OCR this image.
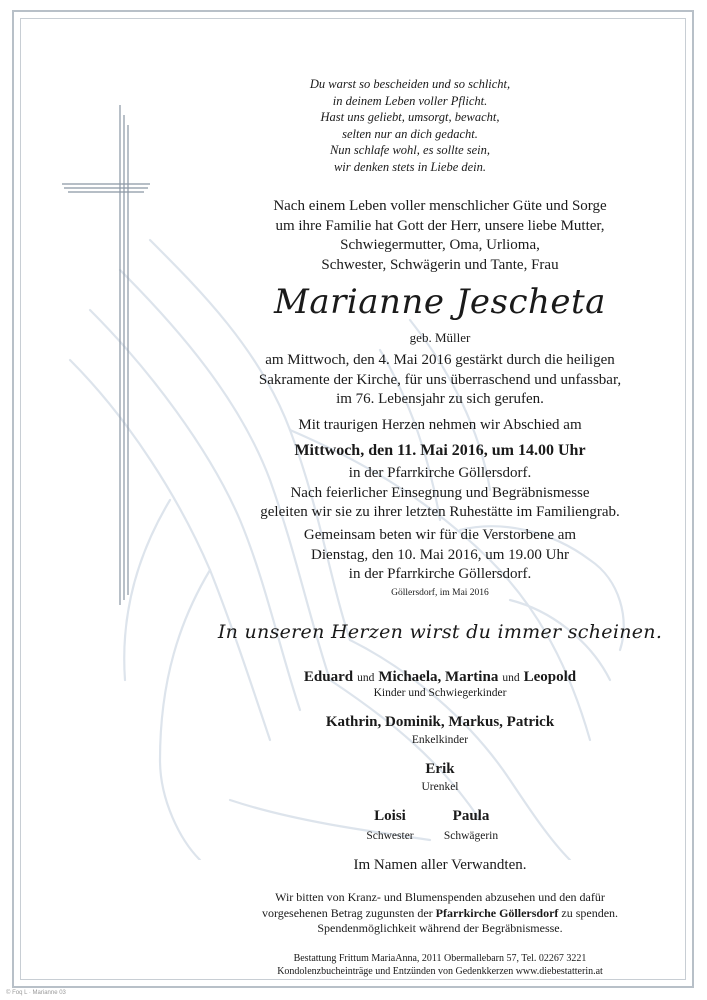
Du warst so bescheiden und so schlicht,
in deinem Leben voller Pflicht.
Hast uns geliebt, umsorgt, bewacht,
selten nur an dich gedacht.
Nun schlafe wohl, es sollte sein,
wir denken stets in Liebe dein.
Nach einem Leben voller menschlicher Güte und Sorge
um ihre Familie hat Gott der Herr, unsere liebe Mutter,
Schwiegermutter, Oma, Urlioma,
Schwester, Schwägerin und Tante, Frau
Marianne Jescheta
geb. Müller
am Mittwoch, den 4. Mai 2016 gestärkt durch die heiligen
Sakramente der Kirche, für uns überraschend und unfassbar,
im 76. Lebensjahr zu sich gerufen.
Mit traurigen Herzen nehmen wir Abschied am
Mittwoch, den 11. Mai 2016, um 14.00 Uhr
in der Pfarrkirche Göllersdorf.
Nach feierlicher Einsegnung und Begräbnismesse
geleiten wir sie zu ihrer letzten Ruhestätte im Familiengrab.
Gemeinsam beten wir für die Verstorbene am
Dienstag, den 10. Mai 2016, um 19.00 Uhr
in der Pfarrkirche Göllersdorf.
Göllersdorf, im Mai 2016
In unseren Herzen wirst du immer scheinen.
Eduard und Michaela, Martina und Leopold
Kinder und Schwiegerkinder
Kathrin, Dominik, Markus, Patrick
Enkelkinder
Erik
Urenkel
Loisi
Schwester
Paula
Schwägerin
Im Namen aller Verwandten.
Wir bitten von Kranz- und Blumenspenden abzusehen und den dafür
vorgesehenen Betrag zugunsten der Pfarrkirche Göllersdorf zu spenden.
Spendenmöglichkeit während der Begräbnismesse.
Bestattung Frittum MariaAnna, 2011 Obermallebarn 57, Tel. 02267 3221
Kondolenzbucheinträge und Entzünden von Gedenkkerzen www.diebestatterin.at
© Foq L · Marianne 03
